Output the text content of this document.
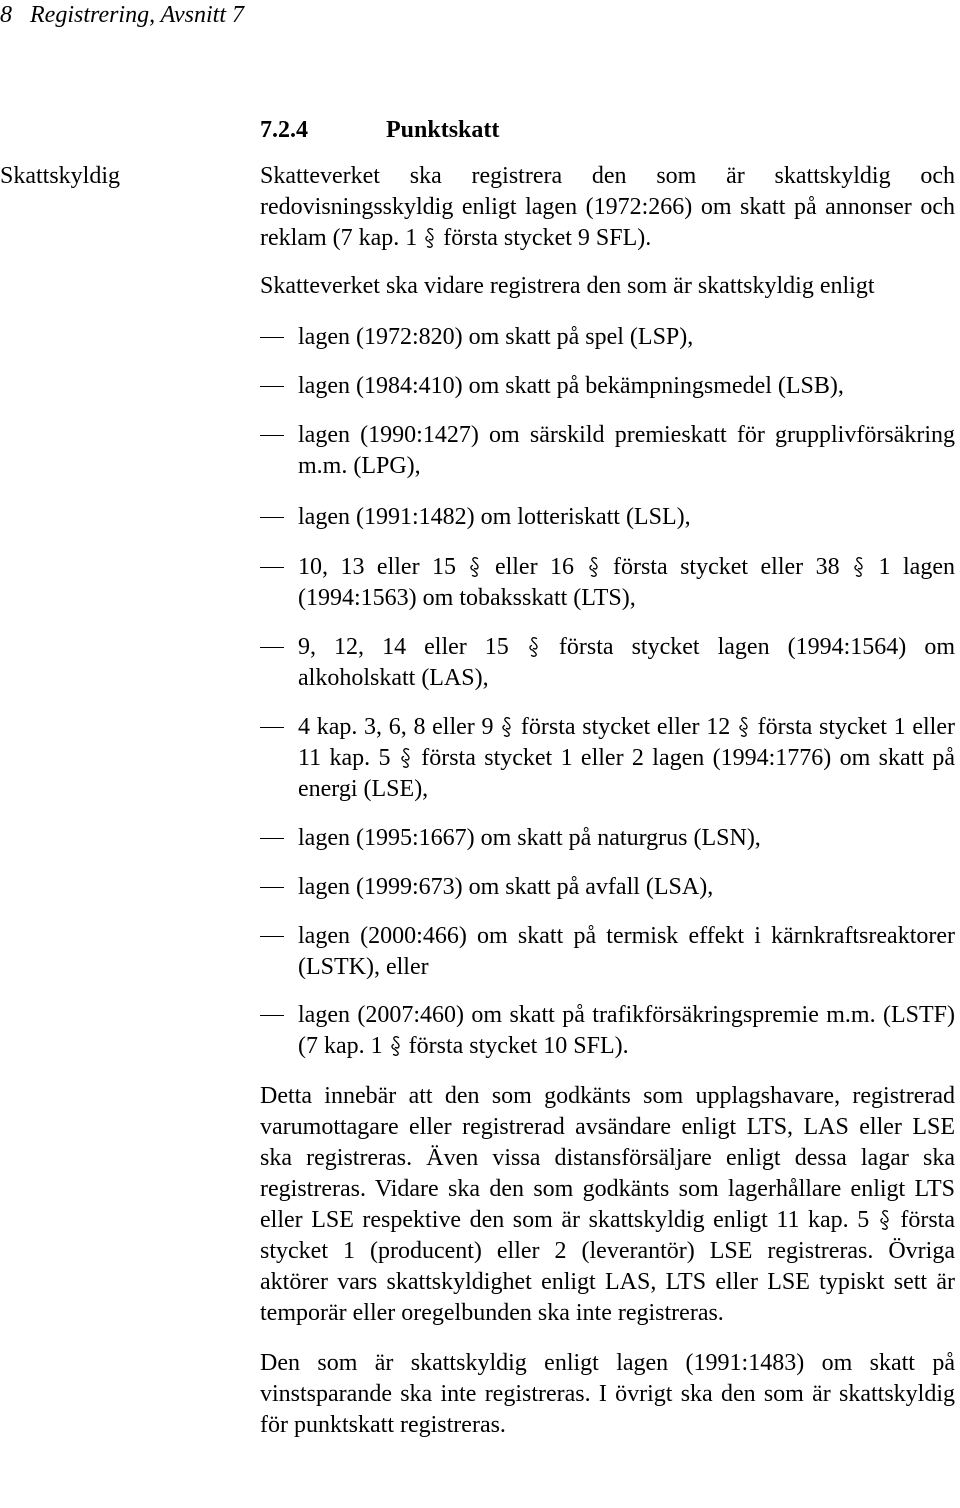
8 Registrering, Avsnitt 7
7.2.4	Punktskatt
Skattskyldig	Skatteverket ska registrera den som är skattskyldig och redovisningsskyldig enligt lagen (1972:266) om skatt på annonser och reklam (7 kap. 1  första stycket 9 SFL).

Skatteverket ska vidare registrera den som är skattskyldig enligt

lagen (1972:820) om skatt på spel (LSP),
lagen (1984:410) om skatt på bekämpningsmedel (LSB),
lagen (1990:1427) om särskild premieskatt för grupplivförsäkring m.m. (LPG),
lagen (1991:1482) om lotteriskatt (LSL),
10, 13 eller 15  eller 16  första stycket eller 38  1 lagen (1994:1563) om tobaksskatt (LTS),
9, 12, 14 eller 15  första stycket lagen (1994:1564) om alkoholskatt (LAS),
4 kap. 3, 6, 8 eller 9  första stycket eller 12  första stycket 1 eller 11 kap. 5  första stycket 1 eller 2 lagen (1994:1776) om skatt på energi (LSE),
lagen (1995:1667) om skatt på naturgrus (LSN),
lagen (1999:673) om skatt på avfall (LSA),
lagen (2000:466) om skatt på termisk effekt i kärnkraftsreaktorer (LSTK), eller
lagen (2007:460) om skatt på trafikförsäkringspremie m.m. (LSTF) (7 kap. 1  första stycket 10 SFL).

Detta innebär att den som godkänts som upplagshavare, registrerad varumottagare eller registrerad avsändare enligt LTS, LAS eller LSE ska registreras. Även vissa distansförsäljare enligt dessa lagar ska registreras. Vidare ska den som godkänts som lagerhållare enligt LTS eller LSE respektive den som är skattskyldig enligt 11 kap. 5  första stycket 1 (producent) eller 2 (leverantör) LSE registreras. Övriga aktörer vars skattskyldighet enligt LAS, LTS eller LSE typiskt sett är temporär eller oregelbunden ska inte registreras.

Den som är skattskyldig enligt lagen (1991:1483) om skatt på vinstsparande ska inte registreras. I övrigt ska den som är skattskyldig för punktskatt registreras.
